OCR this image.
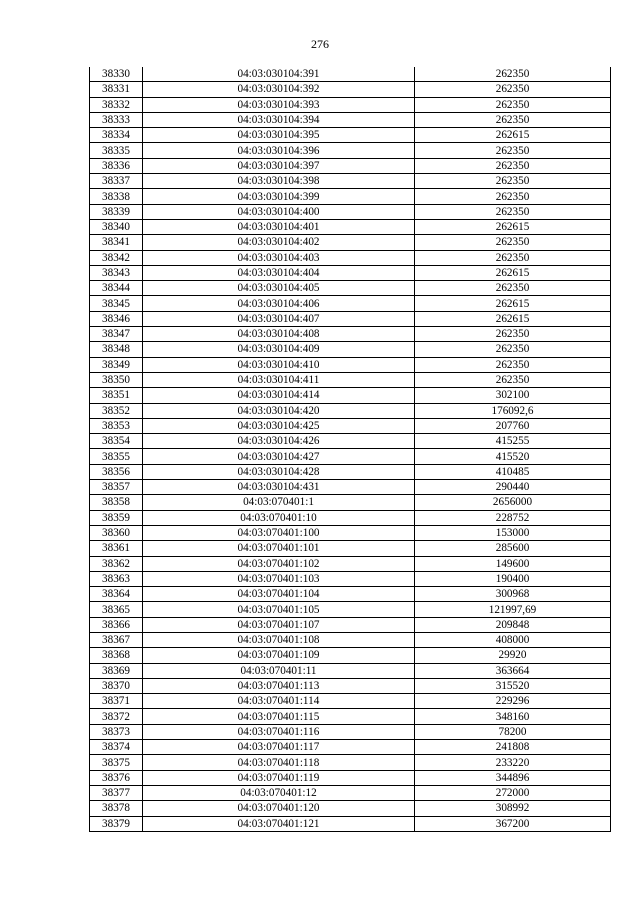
276
38330	04:03:030104:391	262350
38331	04:03:030104:392	262350
38332	04:03:030104:393	262350
38333	04:03:030104:394	262350
38334	04:03:030104:395	262615
38335	04:03:030104:396	262350
38336	04:03:030104:397	262350
38337	04:03:030104:398	262350
38338	04:03:030104:399	262350
38339	04:03:030104:400	262350
38340	04:03:030104:401	262615
38341	04:03:030104:402	262350
38342	04:03:030104:403	262350
38343	04:03:030104:404	262615
38344	04:03:030104:405	262350
38345	04:03:030104:406	262615
38346	04:03:030104:407	262615
38347	04:03:030104:408	262350
38348	04:03:030104:409	262350
38349	04:03:030104:410	262350
38350	04:03:030104:411	262350
38351	04:03:030104:414	302100
38352	04:03:030104:420	176092,6
38353	04:03:030104:425	207760
38354	04:03:030104:426	415255
38355	04:03:030104:427	415520
38356	04:03:030104:428	410485
38357	04:03:030104:431	290440
38358	04:03:070401:1	2656000
38359	04:03:070401:10	228752
38360	04:03:070401:100	153000
38361	04:03:070401:101	285600
38362	04:03:070401:102	149600
38363	04:03:070401:103	190400
38364	04:03:070401:104	300968
38365	04:03:070401:105	121997,69
38366	04:03:070401:107	209848
38367	04:03:070401:108	408000
38368	04:03:070401:109	29920
38369	04:03:070401:11	363664
38370	04:03:070401:113	315520
38371	04:03:070401:114	229296
38372	04:03:070401:115	348160
38373	04:03:070401:116	78200
38374	04:03:070401:117	241808
38375	04:03:070401:118	233220
38376	04:03:070401:119	344896
38377	04:03:070401:12	272000
38378	04:03:070401:120	308992
38379	04:03:070401:121	367200
